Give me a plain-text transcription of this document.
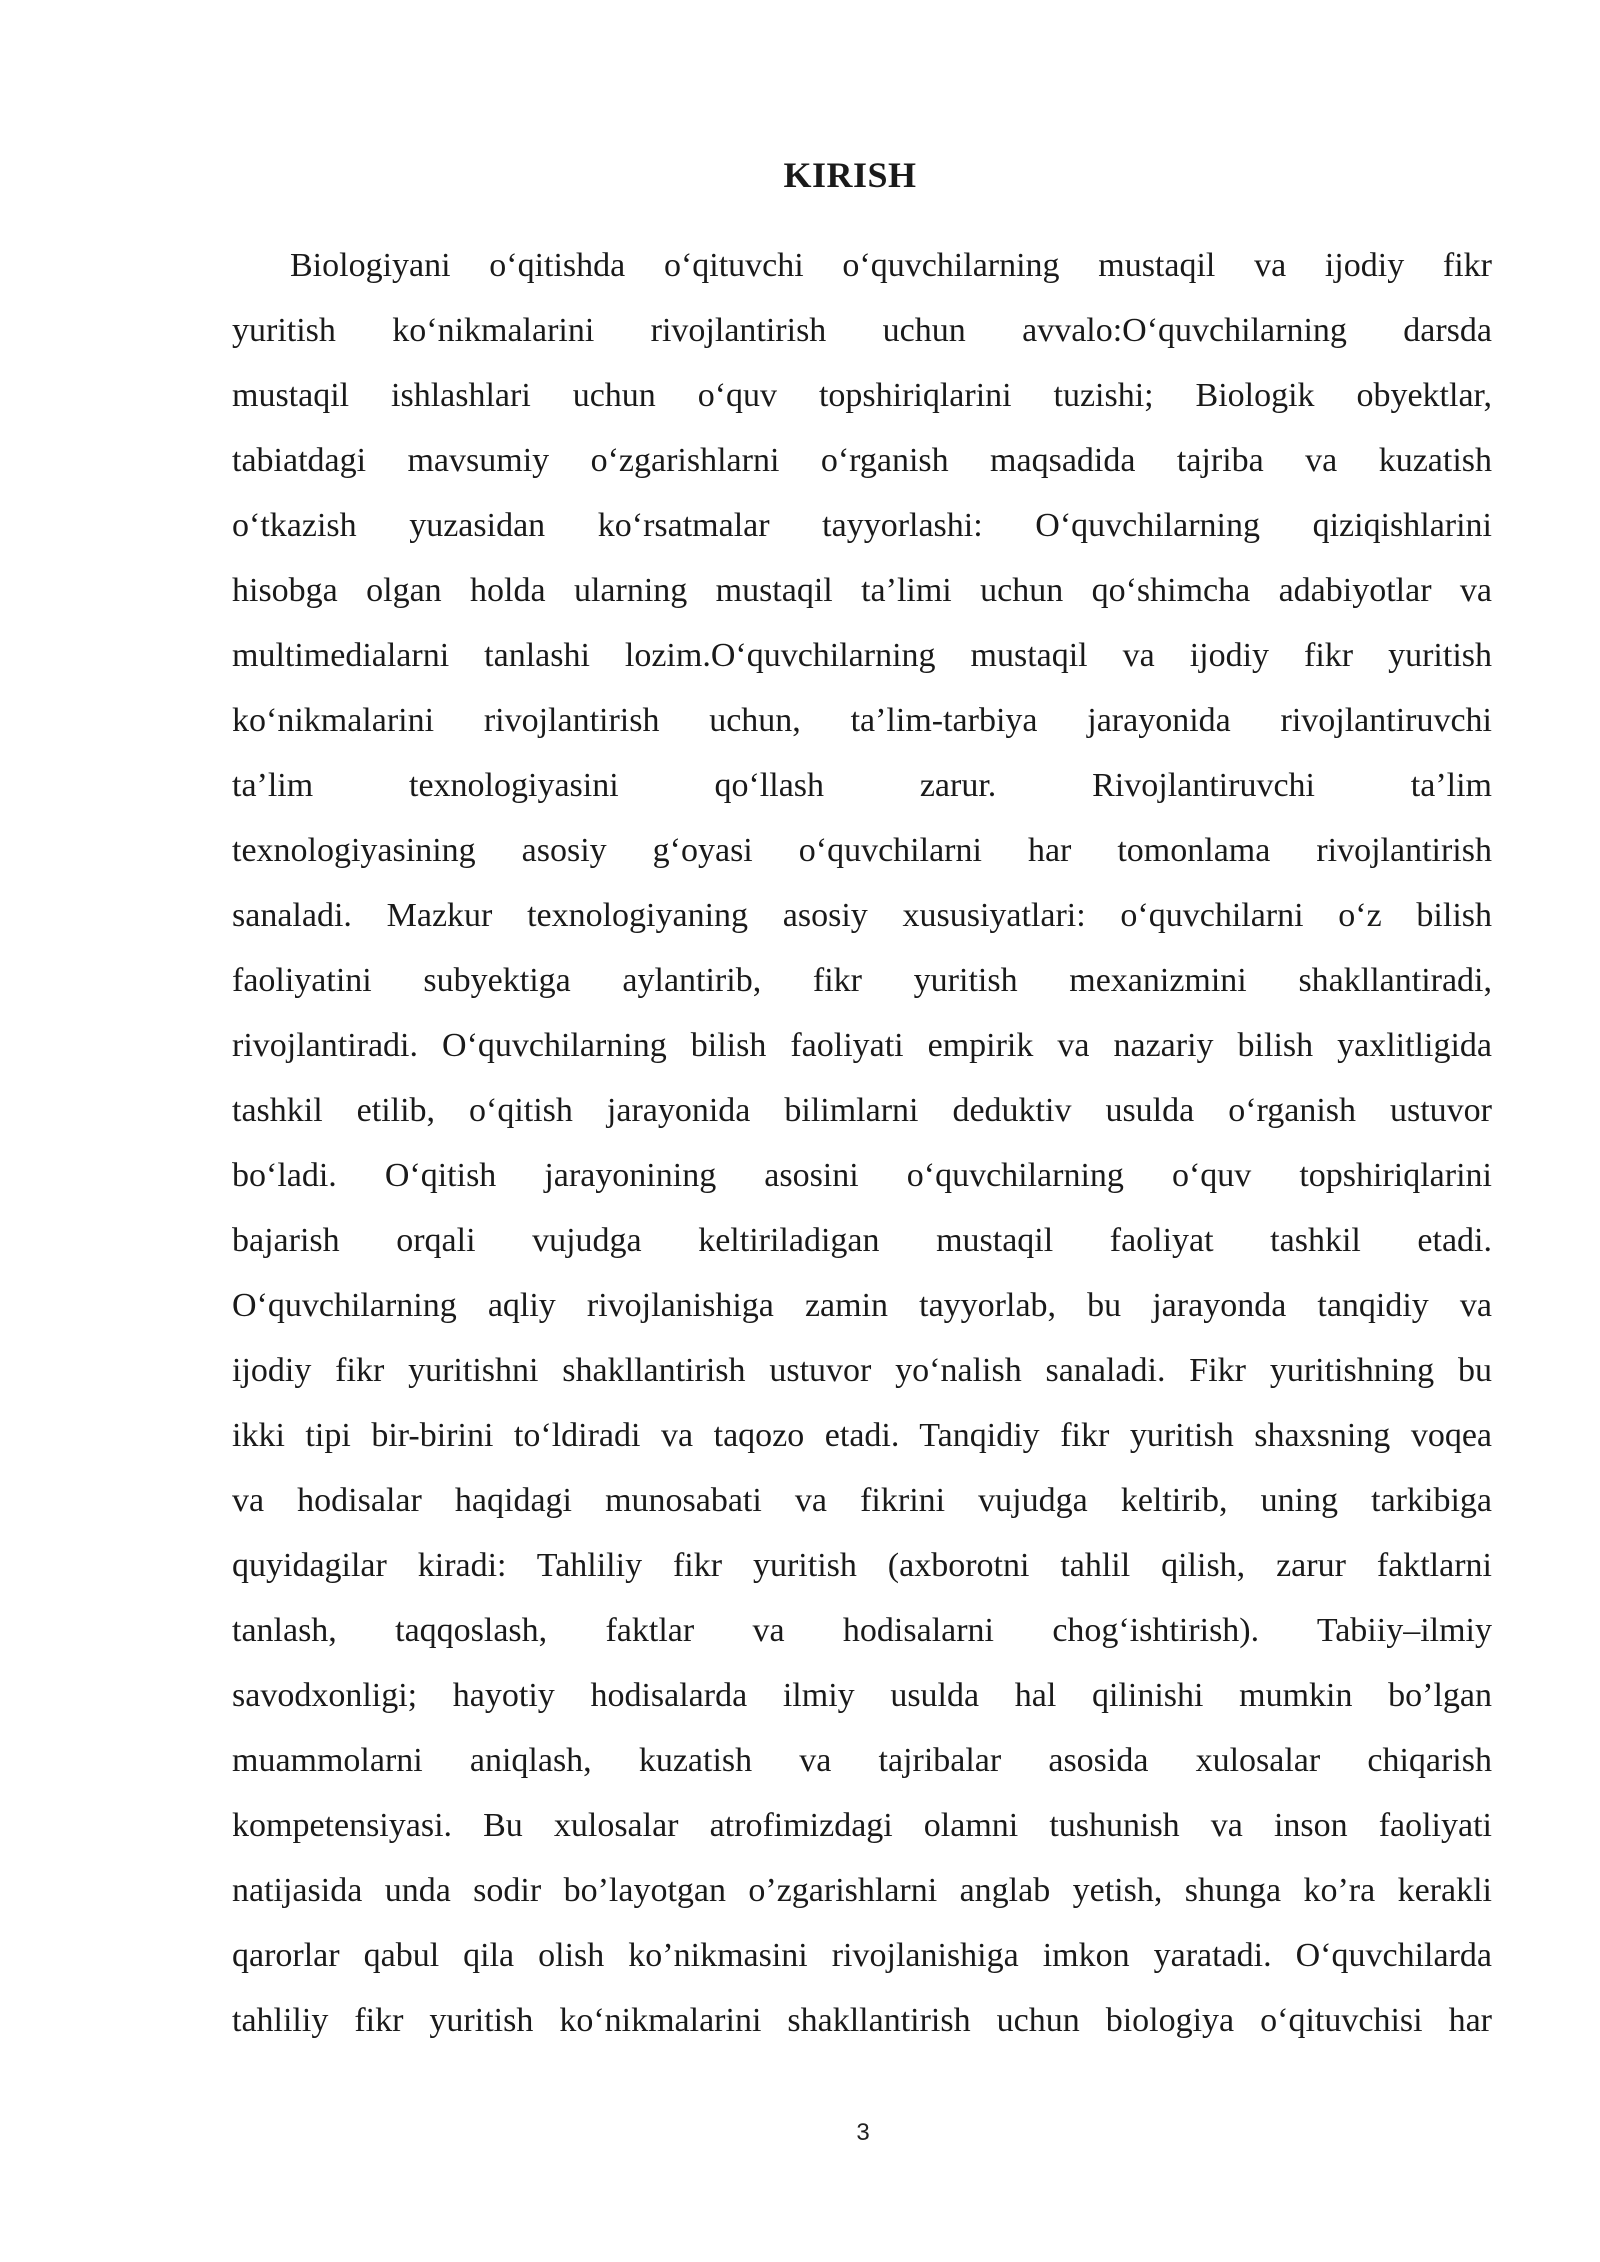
KIRISH
Biologiyani o‘qitishda o‘qituvchi o‘quvchilarning mustaqil va ijodiy fikr
yuritish ko‘nikmalarini rivojlantirish uchun avvalo:O‘quvchilarning darsda
mustaqil ishlashlari uchun o‘quv topshiriqlarini tuzishi; Biologik obyektlar,
tabiatdagi mavsumiy o‘zgarishlarni o‘rganish maqsadida tajriba va kuzatish
o‘tkazish yuzasidan ko‘rsatmalar tayyorlashi: O‘quvchilarning qiziqishlarini
hisobga olgan holda ularning mustaqil ta’limi uchun qo‘shimcha adabiyotlar va
multimedialarni tanlashi lozim.O‘quvchilarning mustaqil va ijodiy fikr yuritish
ko‘nikmalarini rivojlantirish uchun, ta’lim-tarbiya jarayonida rivojlantiruvchi
ta’lim texnologiyasini qo‘llash zarur. Rivojlantiruvchi ta’lim
texnologiyasining asosiy g‘oyasi o‘quvchilarni har tomonlama rivojlantirish
sanaladi. Mazkur texnologiyaning asosiy xususiyatlari: o‘quvchilarni o‘z bilish
faoliyatini subyektiga aylantirib, fikr yuritish mexanizmini shakllantiradi,
rivojlantiradi. O‘quvchilarning bilish faoliyati empirik va nazariy bilish yaxlitligida
tashkil etilib, o‘qitish jarayonida bilimlarni deduktiv usulda o‘rganish ustuvor
bo‘ladi. O‘qitish jarayonining asosini o‘quvchilarning o‘quv topshiriqlarini
bajarish orqali vujudga keltiriladigan mustaqil faoliyat tashkil etadi.
O‘quvchilarning aqliy rivojlanishiga zamin tayyorlab, bu jarayonda tanqidiy va
ijodiy fikr yuritishni shakllantirish ustuvor yo‘nalish sanaladi. Fikr yuritishning bu
ikki tipi bir-birini to‘ldiradi va taqozo etadi. Tanqidiy fikr yuritish shaxsning voqea
va hodisalar haqidagi munosabati va fikrini vujudga keltirib, uning tarkibiga
quyidagilar kiradi: Tahliliy fikr yuritish (axborotni tahlil qilish, zarur faktlarni
tanlash, taqqoslash, faktlar va hodisalarni chog‘ishtirish). Tabiiy–ilmiy
savodxonligi; hayotiy hodisalarda ilmiy usulda hal qilinishi mumkin bo’lgan
muammolarni aniqlash, kuzatish va tajribalar asosida xulosalar chiqarish
kompetensiyasi. Bu xulosalar atrofimizdagi olamni tushunish va inson faoliyati
natijasida unda sodir bo’layotgan o’zgarishlarni anglab yetish, shunga ko’ra kerakli
qarorlar qabul qila olish ko’nikmasini rivojlanishiga imkon yaratadi. O‘quvchilarda
tahliliy fikr yuritish ko‘nikmalarini shakllantirish uchun biologiya o‘qituvchisi har
3
